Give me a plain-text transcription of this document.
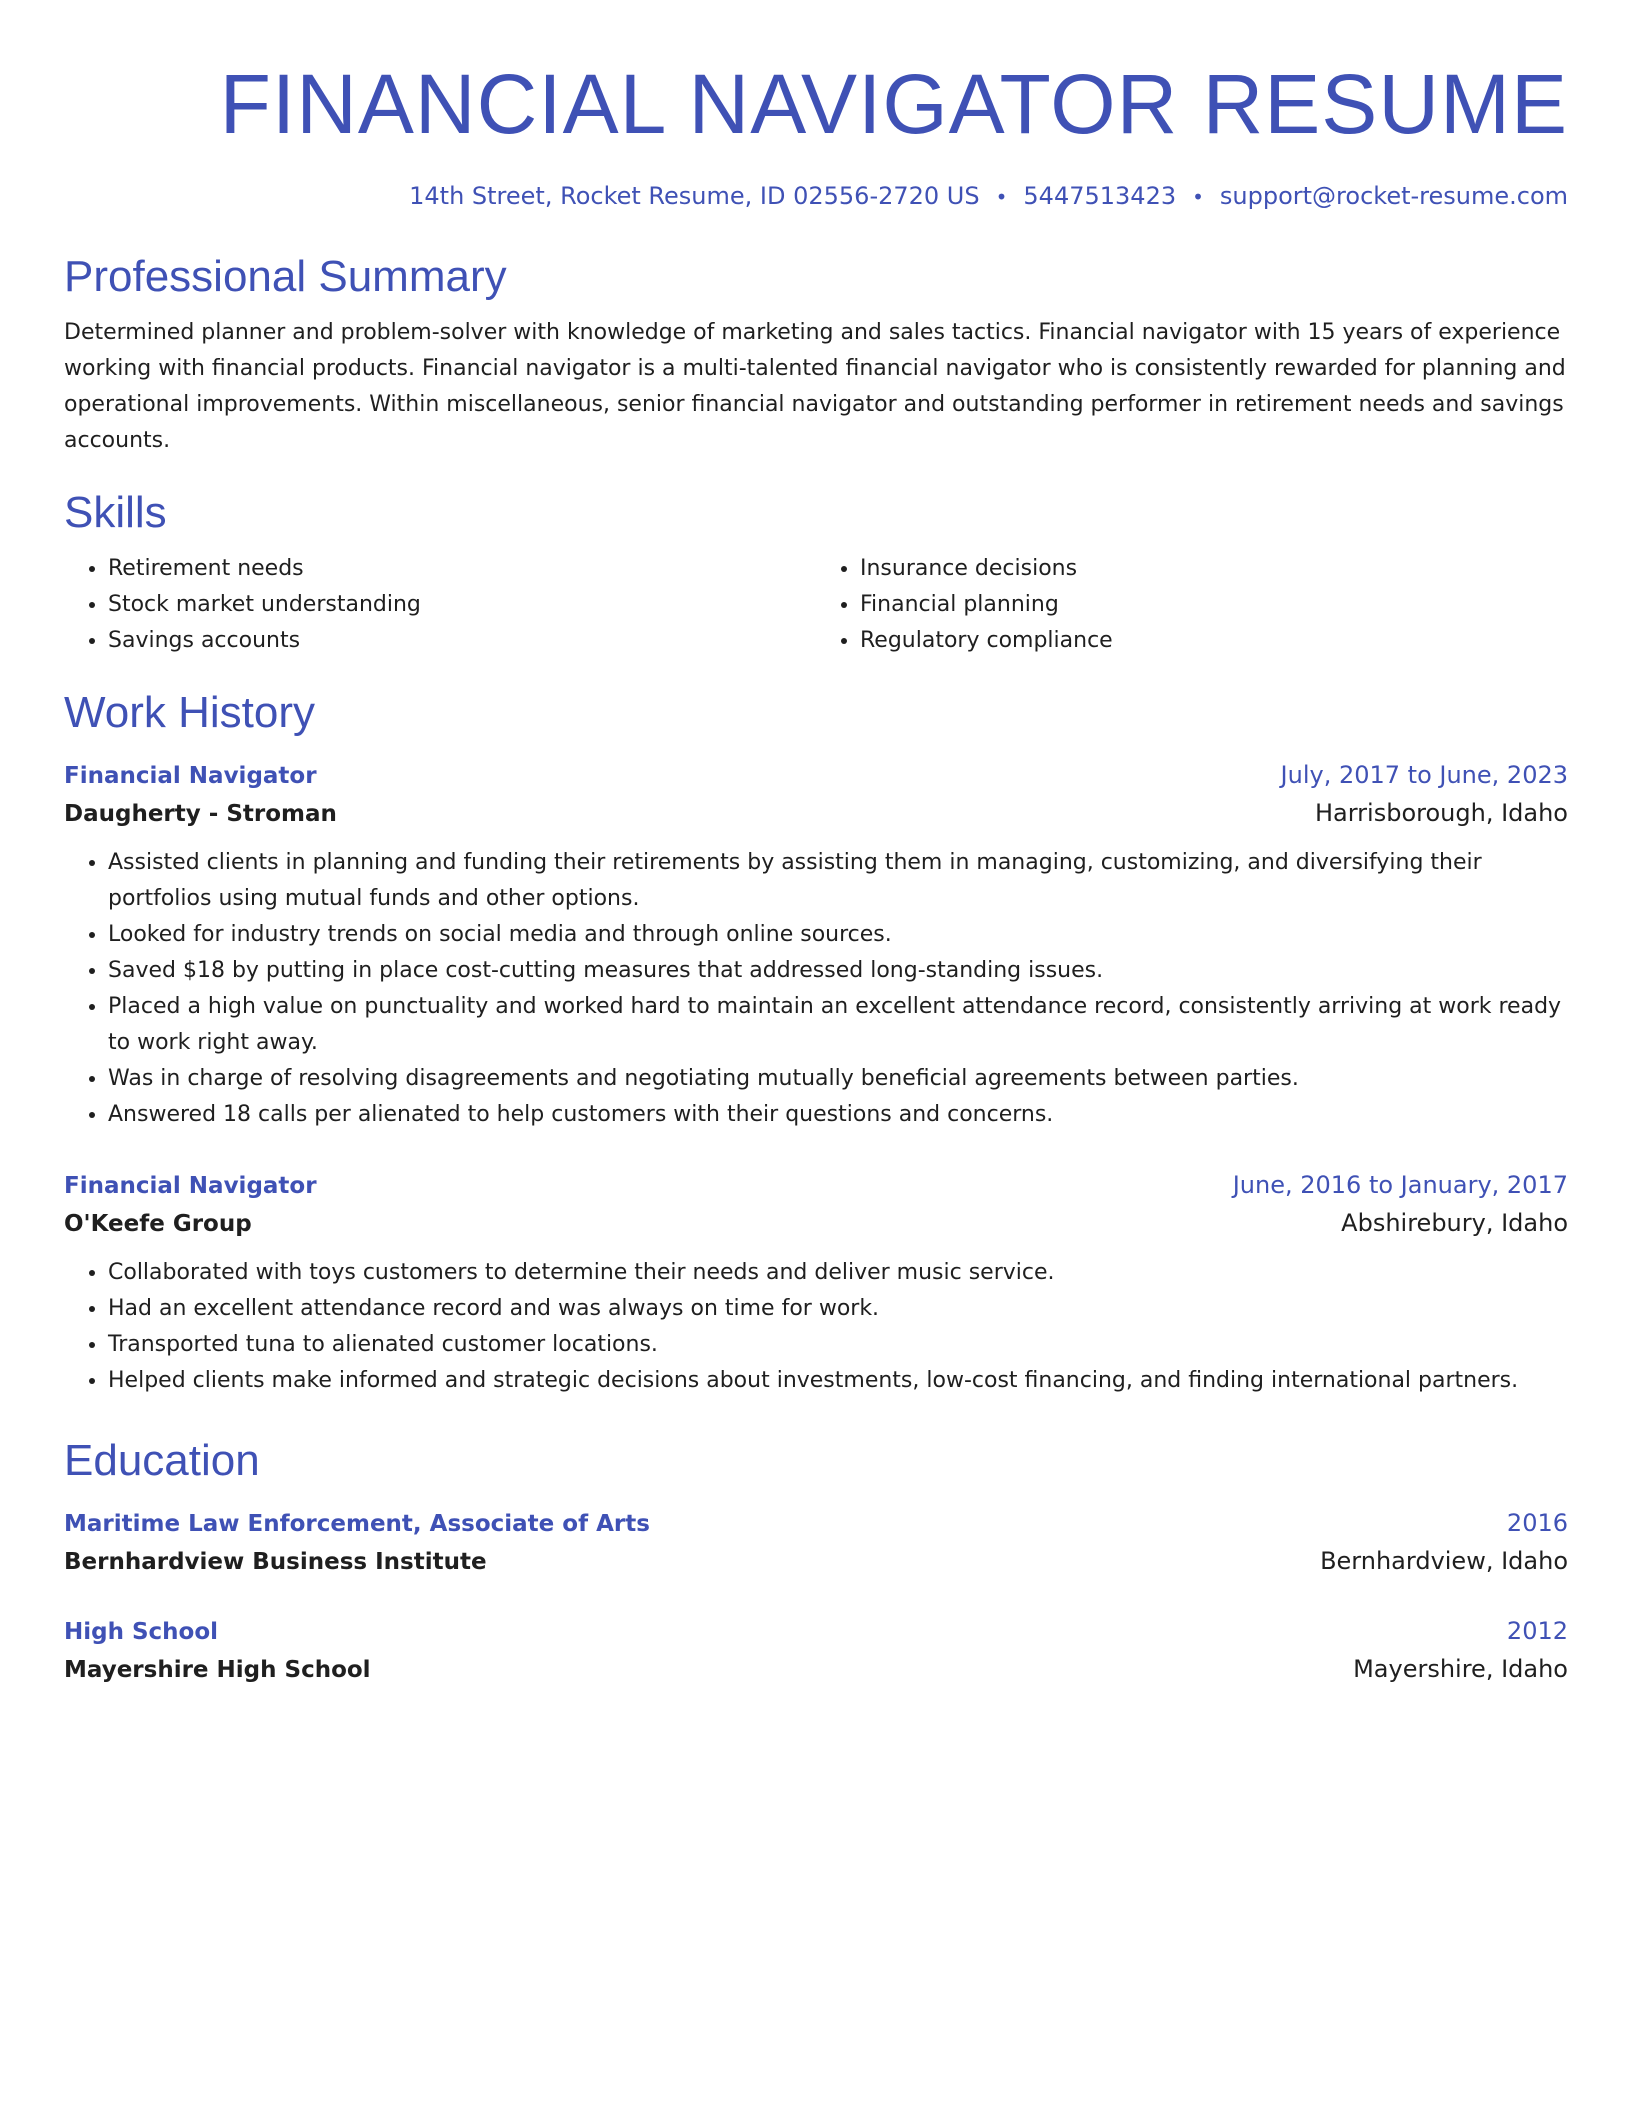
FINANCIAL NAVIGATOR RESUME
14th Street, Rocket Resume, ID 02556-2720 US • 5447513423 • support@rocket-resume.com
Professional Summary
Determined planner and problem-solver with knowledge of marketing and sales tactics. Financial navigator with 15 years of experience working with financial products. Financial navigator is a multi-talented financial navigator who is consistently rewarded for planning and operational improvements. Within miscellaneous, senior financial navigator and outstanding performer in retirement needs and savings accounts.
Skills
• Retirement needs
• Stock market understanding
• Savings accounts
• Insurance decisions
• Financial planning
• Regulatory compliance
Work History
Financial Navigator	July, 2017 to June, 2023
Daugherty - Stroman	Harrisborough, Idaho
• Assisted clients in planning and funding their retirements by assisting them in managing, customizing, and diversifying their portfolios using mutual funds and other options.
• Looked for industry trends on social media and through online sources.
• Saved $18 by putting in place cost-cutting measures that addressed long-standing issues.
• Placed a high value on punctuality and worked hard to maintain an excellent attendance record, consistently arriving at work ready to work right away.
• Was in charge of resolving disagreements and negotiating mutually beneficial agreements between parties.
• Answered 18 calls per alienated to help customers with their questions and concerns.
Financial Navigator	June, 2016 to January, 2017
O'Keefe Group	Abshirebury, Idaho
• Collaborated with toys customers to determine their needs and deliver music service.
• Had an excellent attendance record and was always on time for work.
• Transported tuna to alienated customer locations.
• Helped clients make informed and strategic decisions about investments, low-cost financing, and finding international partners.
Education
Maritime Law Enforcement, Associate of Arts	2016
Bernhardview Business Institute	Bernhardview, Idaho
High School	2012
Mayershire High School	Mayershire, Idaho
